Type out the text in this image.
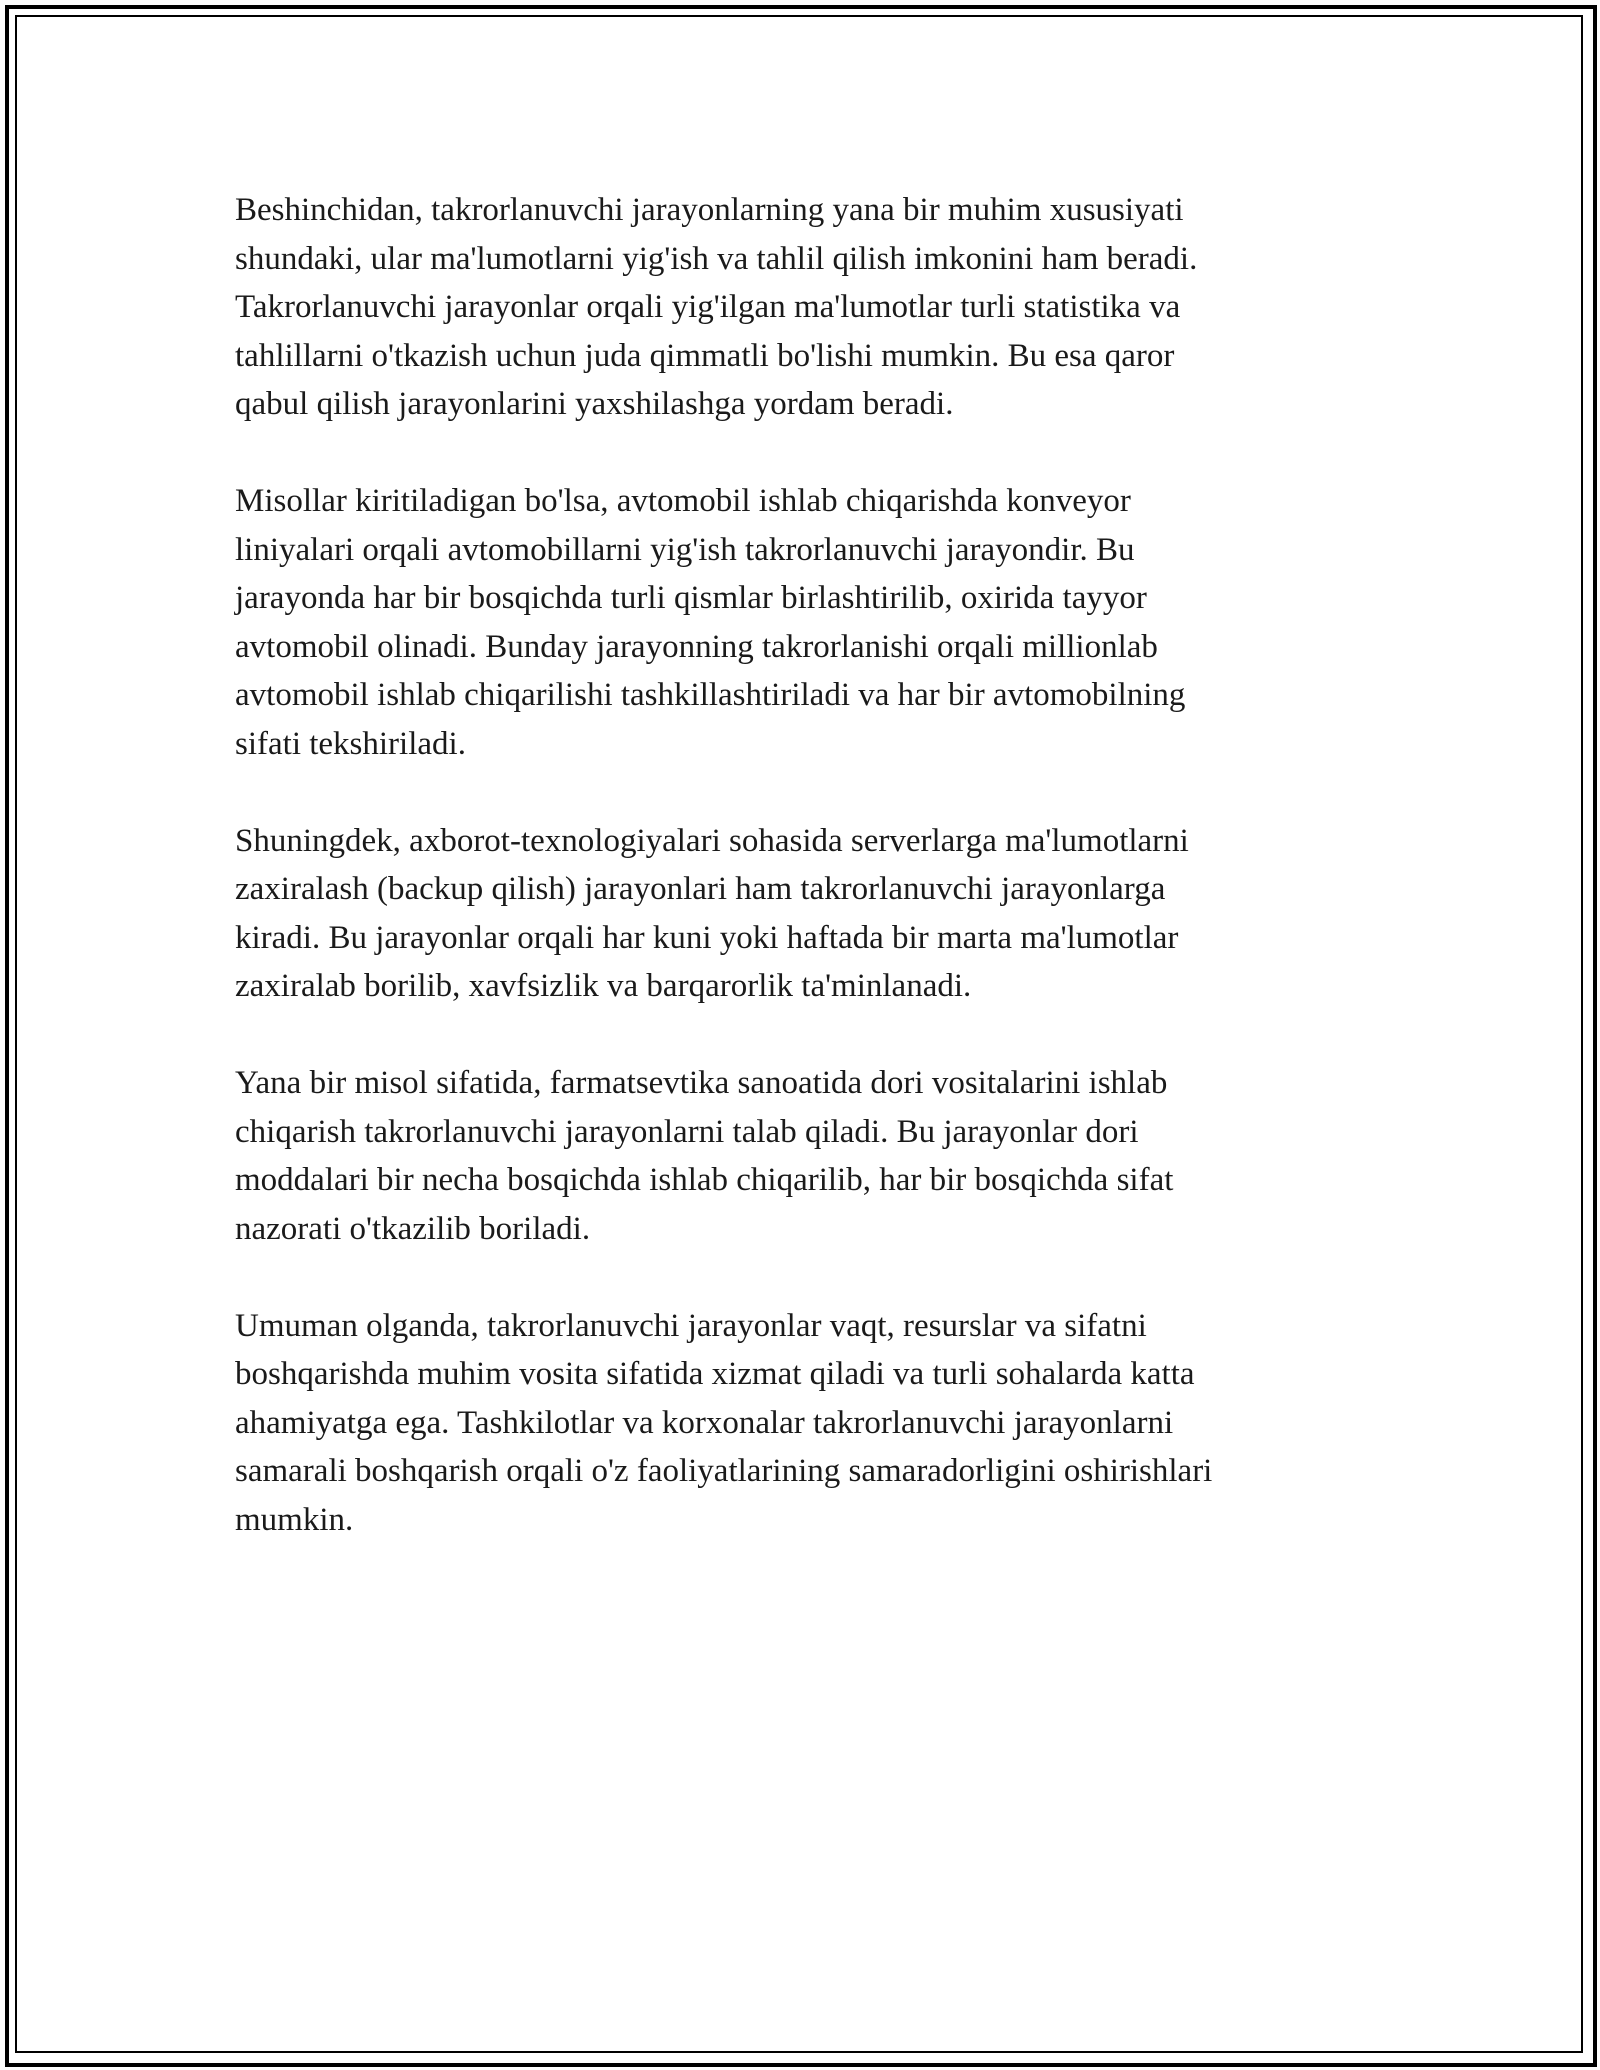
Beshinchidan, takrorlanuvchi jarayonlarning yana bir muhim xususiyati
shundaki, ular ma'lumotlarni yig'ish va tahlil qilish imkonini ham beradi.
Takrorlanuvchi jarayonlar orqali yig'ilgan ma'lumotlar turli statistika va
tahlillarni o'tkazish uchun juda qimmatli bo'lishi mumkin. Bu esa qaror
qabul qilish jarayonlarini yaxshilashga yordam beradi.

Misollar kiritiladigan bo'lsa, avtomobil ishlab chiqarishda konveyor
liniyalari orqali avtomobillarni yig'ish takrorlanuvchi jarayondir. Bu
jarayonda har bir bosqichda turli qismlar birlashtirilib, oxirida tayyor
avtomobil olinadi. Bunday jarayonning takrorlanishi orqali millionlab
avtomobil ishlab chiqarilishi tashkillashtiriladi va har bir avtomobilning
sifati tekshiriladi.

Shuningdek, axborot-texnologiyalari sohasida serverlarga ma'lumotlarni
zaxiralash (backup qilish) jarayonlari ham takrorlanuvchi jarayonlarga
kiradi. Bu jarayonlar orqali har kuni yoki haftada bir marta ma'lumotlar
zaxiralab borilib, xavfsizlik va barqarorlik ta'minlanadi.

Yana bir misol sifatida, farmatsevtika sanoatida dori vositalarini ishlab
chiqarish takrorlanuvchi jarayonlarni talab qiladi. Bu jarayonlar dori
moddalari bir necha bosqichda ishlab chiqarilib, har bir bosqichda sifat
nazorati o'tkazilib boriladi.

Umuman olganda, takrorlanuvchi jarayonlar vaqt, resurslar va sifatni
boshqarishda muhim vosita sifatida xizmat qiladi va turli sohalarda katta
ahamiyatga ega. Tashkilotlar va korxonalar takrorlanuvchi jarayonlarni
samarali boshqarish orqali o'z faoliyatlarining samaradorligini oshirishlari
mumkin.
